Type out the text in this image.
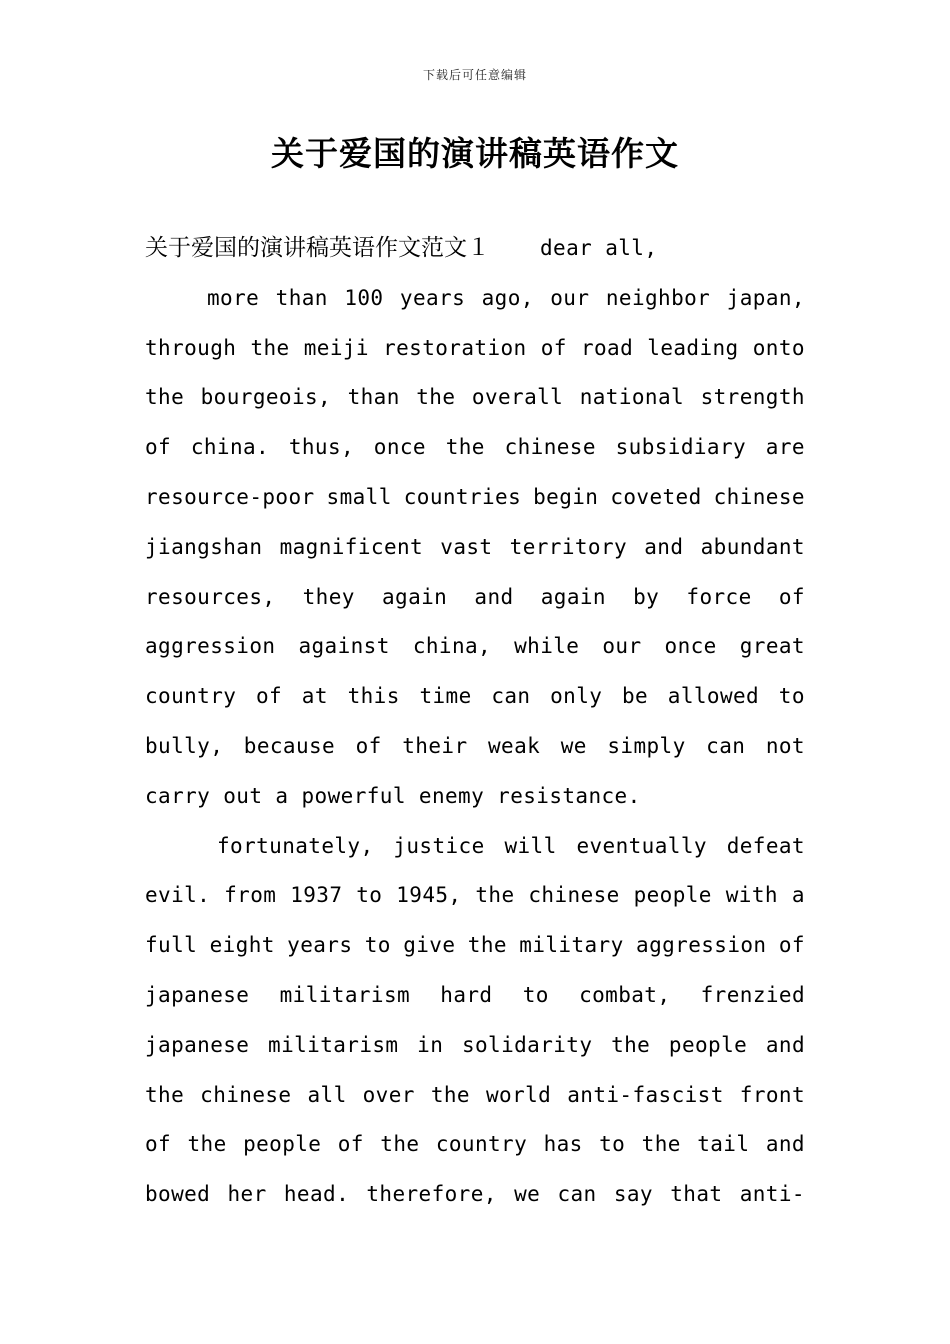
下载后可任意编辑
关于爱国的演讲稿英语作文
关于爱国的演讲稿英语作文范文１ dear all,
more than 100 years ago, our neighbor japan,
through the meiji restoration of road leading onto
the bourgeois, than the overall national strength
of china. thus, once the chinese subsidiary are
resource-poor small countries begin coveted chinese
jiangshan magnificent vast territory and abundant
resources, they again and again by force of
aggression against china, while our once great
country of at this time can only be allowed to
bully, because of their weak we simply can not
carry out a powerful enemy resistance.
fortunately, justice will eventually defeat
evil. from 1937 to 1945, the chinese people with a
full eight years to give the military aggression of
japanese militarism hard to combat, frenzied
japanese militarism in solidarity the people and
the chinese all over the world anti-fascist front
of the people of the country has to the tail and
bowed her head. therefore, we can say that anti-
